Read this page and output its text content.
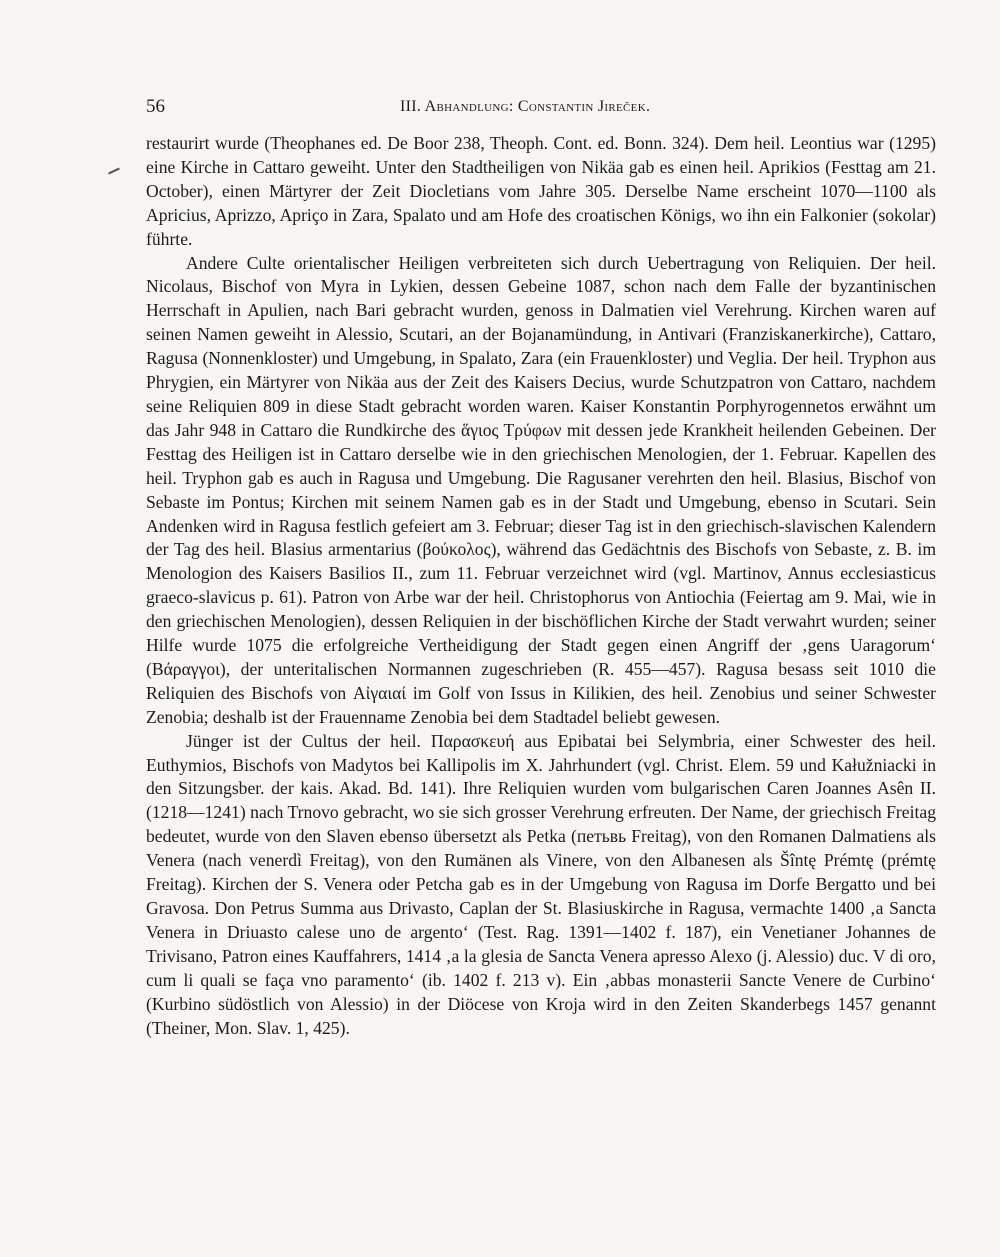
56	III. Abhandlung: Constantin Jireček.

restaurirt wurde (Theophanes ed. De Boor 238, Theoph. Cont. ed. Bonn. 324). Dem heil. Leontius war (1295) eine Kirche in Cattaro geweiht. Unter den Stadtheiligen von Nikäa gab es einen heil. Aprikios (Festtag am 21. October), einen Märtyrer der Zeit Diocletians vom Jahre 305. Derselbe Name erscheint 1070—1100 als Apricius, Aprizzo, Apriço in Zara, Spalato und am Hofe des croatischen Königs, wo ihn ein Falkonier (sokolar) führte.

Andere Culte orientalischer Heiligen verbreiteten sich durch Uebertragung von Reliquien. Der heil. Nicolaus, Bischof von Myra in Lykien, dessen Gebeine 1087, schon nach dem Falle der byzantinischen Herrschaft in Apulien, nach Bari gebracht wurden, genoss in Dalmatien viel Verehrung. Kirchen waren auf seinen Namen geweiht in Alessio, Scutari, an der Bojanamündung, in Antivari (Franziskanerkirche), Cattaro, Ragusa (Nonnenkloster) und Umgebung, in Spalato, Zara (ein Frauenkloster) und Veglia. Der heil. Tryphon aus Phrygien, ein Märtyrer von Nikäa aus der Zeit des Kaisers Decius, wurde Schutzpatron von Cattaro, nachdem seine Reliquien 809 in diese Stadt gebracht worden waren. Kaiser Konstantin Porphyrogennetos erwähnt um das Jahr 948 in Cattaro die Rundkirche des ἅγιος Τρύφων mit dessen jede Krankheit heilenden Gebeinen. Der Festtag des Heiligen ist in Cattaro derselbe wie in den griechischen Menologien, der 1. Februar. Kapellen des heil. Tryphon gab es auch in Ragusa und Umgebung. Die Ragusaner verehrten den heil. Blasius, Bischof von Sebaste im Pontus; Kirchen mit seinem Namen gab es in der Stadt und Umgebung, ebenso in Scutari. Sein Andenken wird in Ragusa festlich gefeiert am 3. Februar; dieser Tag ist in den griechisch-slavischen Kalendern der Tag des heil. Blasius armentarius (βούκολος), während das Gedächtnis des Bischofs von Sebaste, z. B. im Menologion des Kaisers Basilios II., zum 11. Februar verzeichnet wird (vgl. Martinov, Annus ecclesiasticus graeco-slavicus p. 61). Patron von Arbe war der heil. Christophorus von Antiochia (Feiertag am 9. Mai, wie in den griechischen Menologien), dessen Reliquien in der bischöflichen Kirche der Stadt verwahrt wurden; seiner Hilfe wurde 1075 die erfolgreiche Vertheidigung der Stadt gegen einen Angriff der ‚gens Uaragorum‘ (Βάραγγοι), der unteritalischen Normannen zugeschrieben (R. 455—457). Ragusa besass seit 1010 die Reliquien des Bischofs von Αἰγαιαί im Golf von Issus in Kilikien, des heil. Zenobius und seiner Schwester Zenobia; deshalb ist der Frauenname Zenobia bei dem Stadtadel beliebt gewesen.

Jünger ist der Cultus der heil. Παρασκευή aus Epibatai bei Selymbria, einer Schwester des heil. Euthymios, Bischofs von Madytos bei Kallipolis im X. Jahrhundert (vgl. Christ. Elem. 59 und Kałužniacki in den Sitzungsber. der kais. Akad. Bd. 141). Ihre Reliquien wurden vom bulgarischen Caren Joannes Asên II. (1218—1241) nach Trnovo gebracht, wo sie sich grosser Verehrung erfreuten. Der Name, der griechisch Freitag bedeutet, wurde von den Slaven ebenso übersetzt als Petka (петьвь Freitag), von den Romanen Dalmatiens als Venera (nach venerdì Freitag), von den Rumänen als Vinere, von den Albanesen als Šîntę Prémtę (prémtę Freitag). Kirchen der S. Venera oder Petcha gab es in der Umgebung von Ragusa im Dorfe Bergatto und bei Gravosa. Don Petrus Summa aus Drivasto, Caplan der St. Blasiuskirche in Ragusa, vermachte 1400 ‚a Sancta Venera in Driuasto calese uno de argento‘ (Test. Rag. 1391—1402 f. 187), ein Venetianer Johannes de Trivisano, Patron eines Kauffahrers, 1414 ‚a la glesia de Sancta Venera apresso Alexo (j. Alessio) duc. V di oro, cum li quali se faça vno paramento‘ (ib. 1402 f. 213 v). Ein ‚abbas monasterii Sancte Venere de Curbino‘ (Kurbino südöstlich von Alessio) in der Diöcese von Kroja wird in den Zeiten Skanderbegs 1457 genannt (Theiner, Mon. Slav. 1, 425).
